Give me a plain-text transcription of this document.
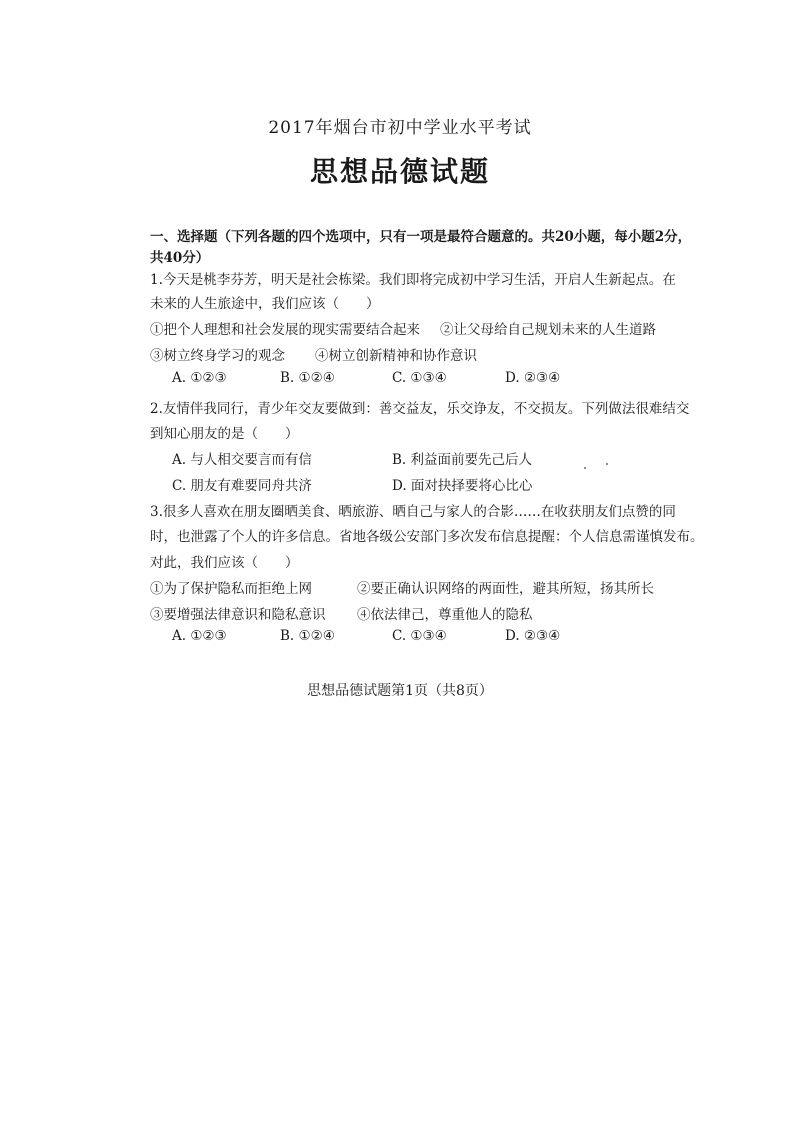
2017年烟台市初中学业水平考试
思想品德试题
一、选择题（下列各题的四个选项中，只有一项是最符合题意的。共20小题，每小题2分，
共40分）
1.今天是桃李芬芳，明天是社会栋梁。我们即将完成初中学习生活，开启人生新起点。在
未来的人生旅途中，我们应该（　　）
①把个人理想和社会发展的现实需要结合起来 ②让父母给自己规划未来的人生道路
③树立终身学习的观念 ④树立创新精神和协作意识
A. ①②③	B. ①②④	C. ①③④	D. ②③④
2.友情伴我同行，青少年交友要做到：善交益友，乐交诤友，不交损友。下列做法很难结交
到知心朋友的是（　　）
A. 与人相交要言而有信	B. 利益面前要先己后人
C. 朋友有难要同舟共济	D. 面对抉择要将心比心
3.很多人喜欢在朋友圈晒美食、晒旅游、晒自己与家人的合影……在收获朋友们点赞的同
时，也泄露了个人的许多信息。省地各级公安部门多次发布信息提醒：个人信息需谨慎发布。
对此，我们应该（　　）
①为了保护隐私而拒绝上网	②要正确认识网络的两面性，避其所短，扬其所长
③要增强法律意识和隐私意识 ④依法律己，尊重他人的隐私
A. ①②③	B. ①②④	C. ①③④	D. ②③④
思想品德试题第1页（共8页）
